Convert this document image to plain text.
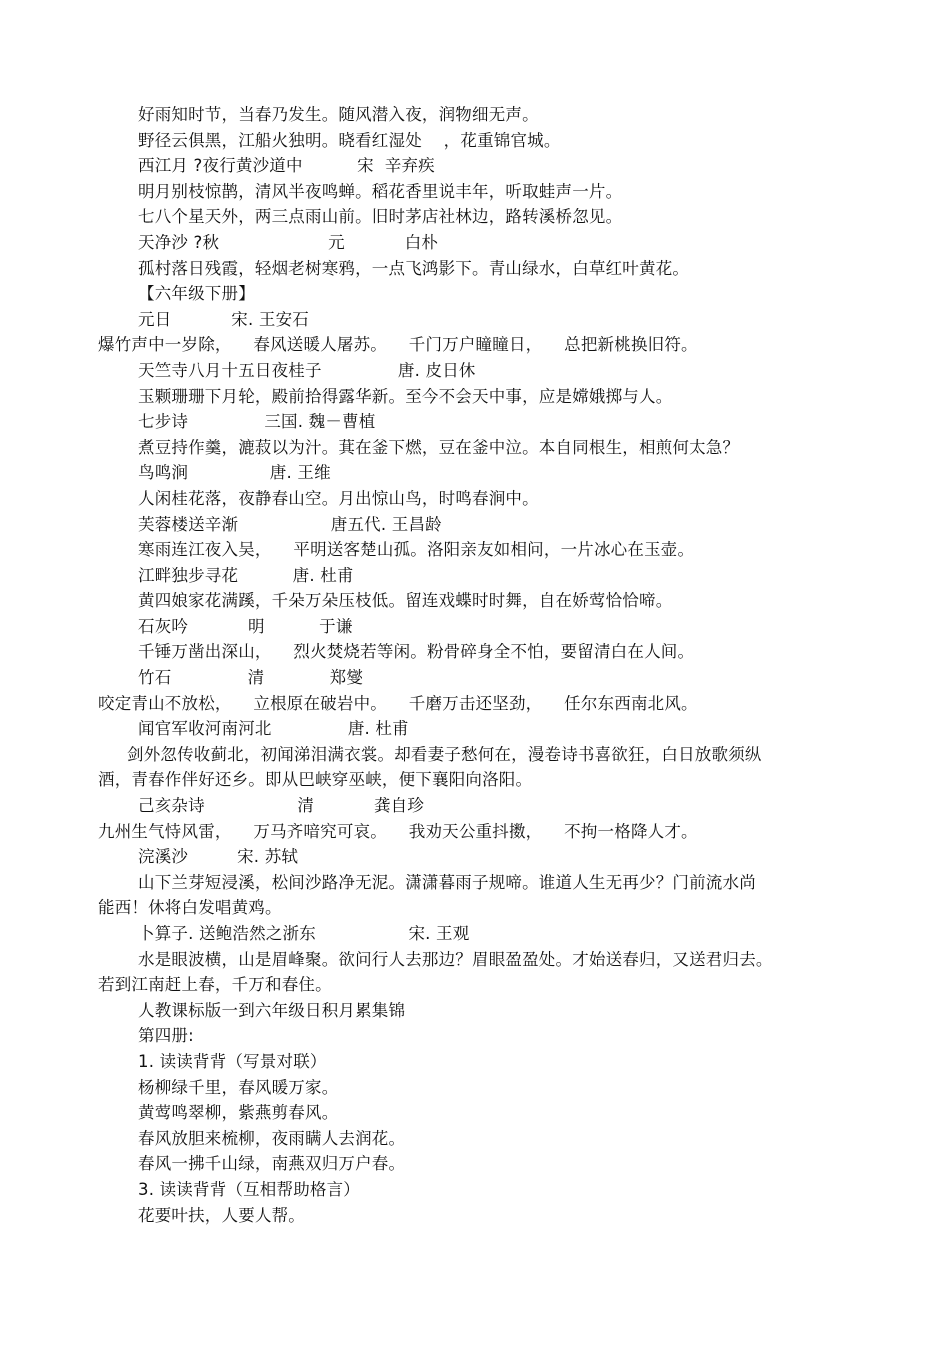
好雨知时节，当春乃发生。随风潜入夜，润物细无声。
野径云俱黑，江船火独明。晓看红湿处    ，花重锦官城。
西江月 ?夜行黄沙道中          宋  辛弃疾
明月别枝惊鹊，清风半夜鸣蝉。稻花香里说丰年，听取蛙声一片。
七八个星天外，两三点雨山前。旧时茅店社林边，路转溪桥忽见。
天净沙 ?秋                    元           白朴
孤村落日残霞，轻烟老树寒鸦，一点飞鸿影下。青山绿水，白草红叶黄花。
【六年级下册】
元日           宋. 王安石
爆竹声中一岁除，    春风送暖人屠苏。    千门万户瞳瞳日，    总把新桃换旧符。
天竺寺八月十五日夜桂子              唐. 皮日休
玉颗珊珊下月轮，殿前拾得露华新。至今不会天中事，应是嫦娥掷与人。
七步诗              三国. 魏－曹植
煮豆持作羹，漉菽以为汁。萁在釜下燃，豆在釜中泣。本自同根生，相煎何太急？
鸟鸣涧               唐. 王维
人闲桂花落，夜静春山空。月出惊山鸟，时鸣春涧中。
芙蓉楼送辛渐                 唐五代. 王昌龄
寒雨连江夜入吴，    平明送客楚山孤。洛阳亲友如相问，一片冰心在玉壶。
江畔独步寻花          唐. 杜甫
黄四娘家花满蹊，千朵万朵压枝低。留连戏蝶时时舞，自在娇莺恰恰啼。
石灰吟           明          于谦
千锤万凿出深山，    烈火焚烧若等闲。粉骨碎身全不怕，要留清白在人间。
竹石              清            郑燮
咬定青山不放松，    立根原在破岩中。    千磨万击还坚劲，    任尔东西南北风。
闻官军收河南河北              唐. 杜甫
剑外忽传收蓟北，初闻涕泪满衣裳。却看妻子愁何在，漫卷诗书喜欲狂，白日放歌须纵
酒，青春作伴好还乡。即从巴峡穿巫峡，便下襄阳向洛阳。
己亥杂诗                 清           龚自珍
九州生气恃风雷，    万马齐喑究可哀。    我劝天公重抖擞，    不拘一格降人才。
浣溪沙         宋. 苏轼
山下兰芽短浸溪，松间沙路净无泥。潇潇暮雨子规啼。谁道人生无再少？门前流水尚
能西！休将白发唱黄鸡。
卜算子. 送鲍浩然之浙东                 宋. 王观
水是眼波横，山是眉峰聚。欲问行人去那边？眉眼盈盈处。才始送春归，又送君归去。
若到江南赶上春，千万和春住。
人教课标版一到六年级日积月累集锦
第四册:
1. 读读背背（写景对联）
杨柳绿千里，春风暖万家。
黄莺鸣翠柳，紫燕剪春风。
春风放胆来梳柳，夜雨瞒人去润花。
春风一拂千山绿，南燕双归万户春。
3. 读读背背（互相帮助格言）
花要叶扶，人要人帮。
